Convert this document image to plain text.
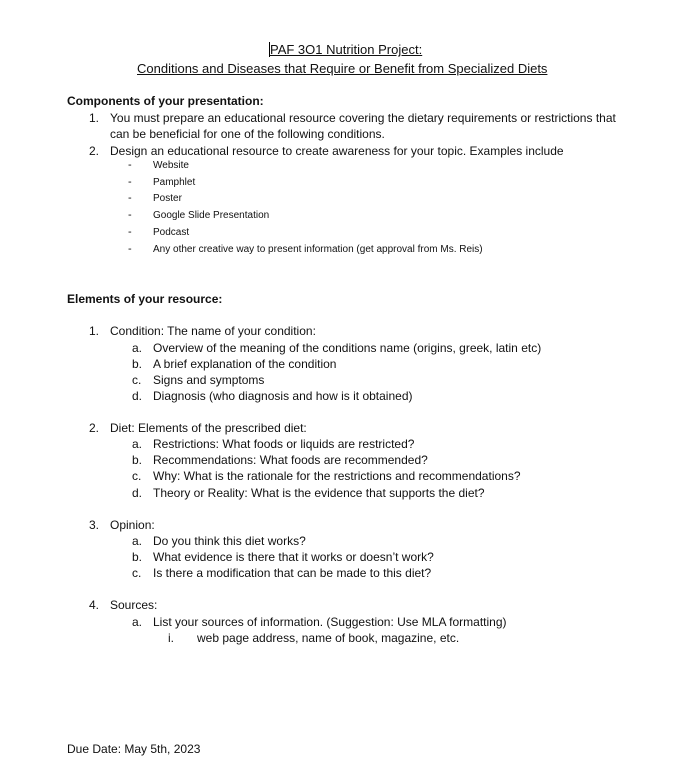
PAF 3O1 Nutrition Project:
Conditions and Diseases that Require or Benefit from Specialized Diets
Components of your presentation:
1. You must prepare an educational resource covering the dietary requirements or restrictions that
can be beneficial for one of the following conditions.
2. Design an educational resource to create awareness for your topic. Examples include
- Website
- Pamphlet
- Poster
- Google Slide Presentation
- Podcast
- Any other creative way to present information (get approval from Ms. Reis)
Elements of your resource:
1. Condition: The name of your condition:
a. Overview of the meaning of the conditions name (origins, greek, latin etc)
b. A brief explanation of the condition
c. Signs and symptoms
d. Diagnosis (who diagnosis and how is it obtained)
2. Diet: Elements of the prescribed diet:
a. Restrictions: What foods or liquids are restricted?
b. Recommendations: What foods are recommended?
c. Why: What is the rationale for the restrictions and recommendations?
d. Theory or Reality: What is the evidence that supports the diet?
3. Opinion:
a. Do you think this diet works?
b. What evidence is there that it works or doesn’t work?
c. Is there a modification that can be made to this diet?
4. Sources:
a. List your sources of information. (Suggestion: Use MLA formatting)
i. web page address, name of book, magazine, etc.
Due Date: May 5th, 2023
